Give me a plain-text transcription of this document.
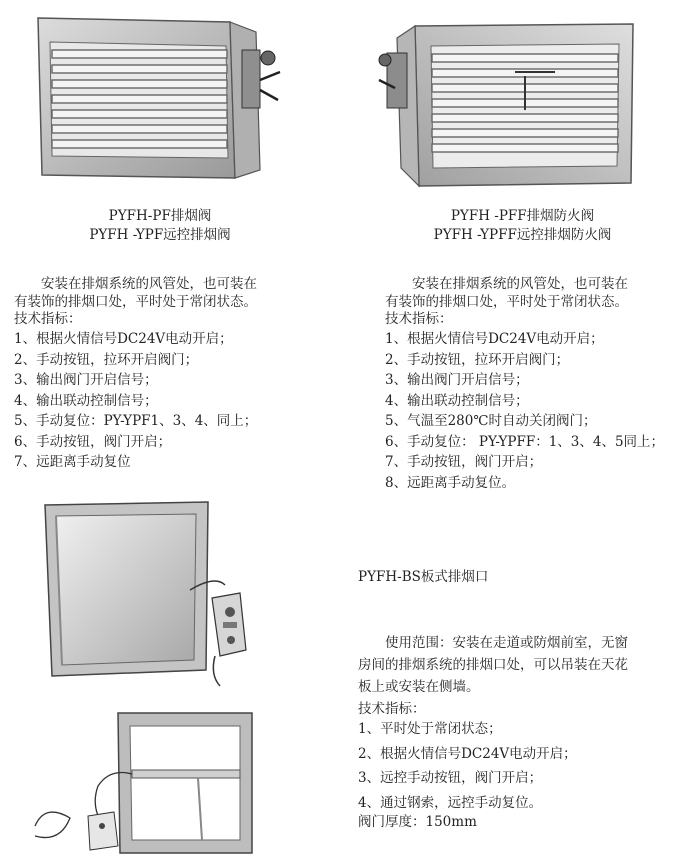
PYFH-PF排烟阀
PYFH -YPF远控排烟阀
PYFH -PFF排烟防火阀
PYFH -YPFF远控排烟防火阀

安装在排烟系统的风管处，也可装在

有装饰的排烟口处，平时处于常闭状态。

技术指标：

1、根据火情信号DC24V电动开启；
2、手动按钮，拉环开启阀门；
3、输出阀门开启信号；
4、输出联动控制信号；
5、手动复位：PY-YPF1、3、4、同上；
6、手动按钮，阀门开启；
7、远距离手动复位

安装在排烟系统的风管处，也可装在

有装饰的排烟口处，平时处于常闭状态。

技术指标：

1、根据火情信号DC24V电动开启；
2、手动按钮，拉环开启阀门；
3、输出阀门开启信号；
4、输出联动控制信号；
5、气温至280℃时自动关闭阀门；
6、手动复位： PY-YPFF：1、3、4、5同上；
7、手动按钮，阀门开启；
8、远距离手动复位。
PYFH-BS板式排烟口

使用范围：安装在走道或防烟前室，无窗

房间的排烟系统的排烟口处，可以吊装在天花

板上或安装在侧墙。

技术指标：

1、平时处于常闭状态；
2、根据火情信号DC24V电动开启；
3、远控手动按钮，阀门开启；
4、通过钢索，远控手动复位。
阀门厚度：150mm
